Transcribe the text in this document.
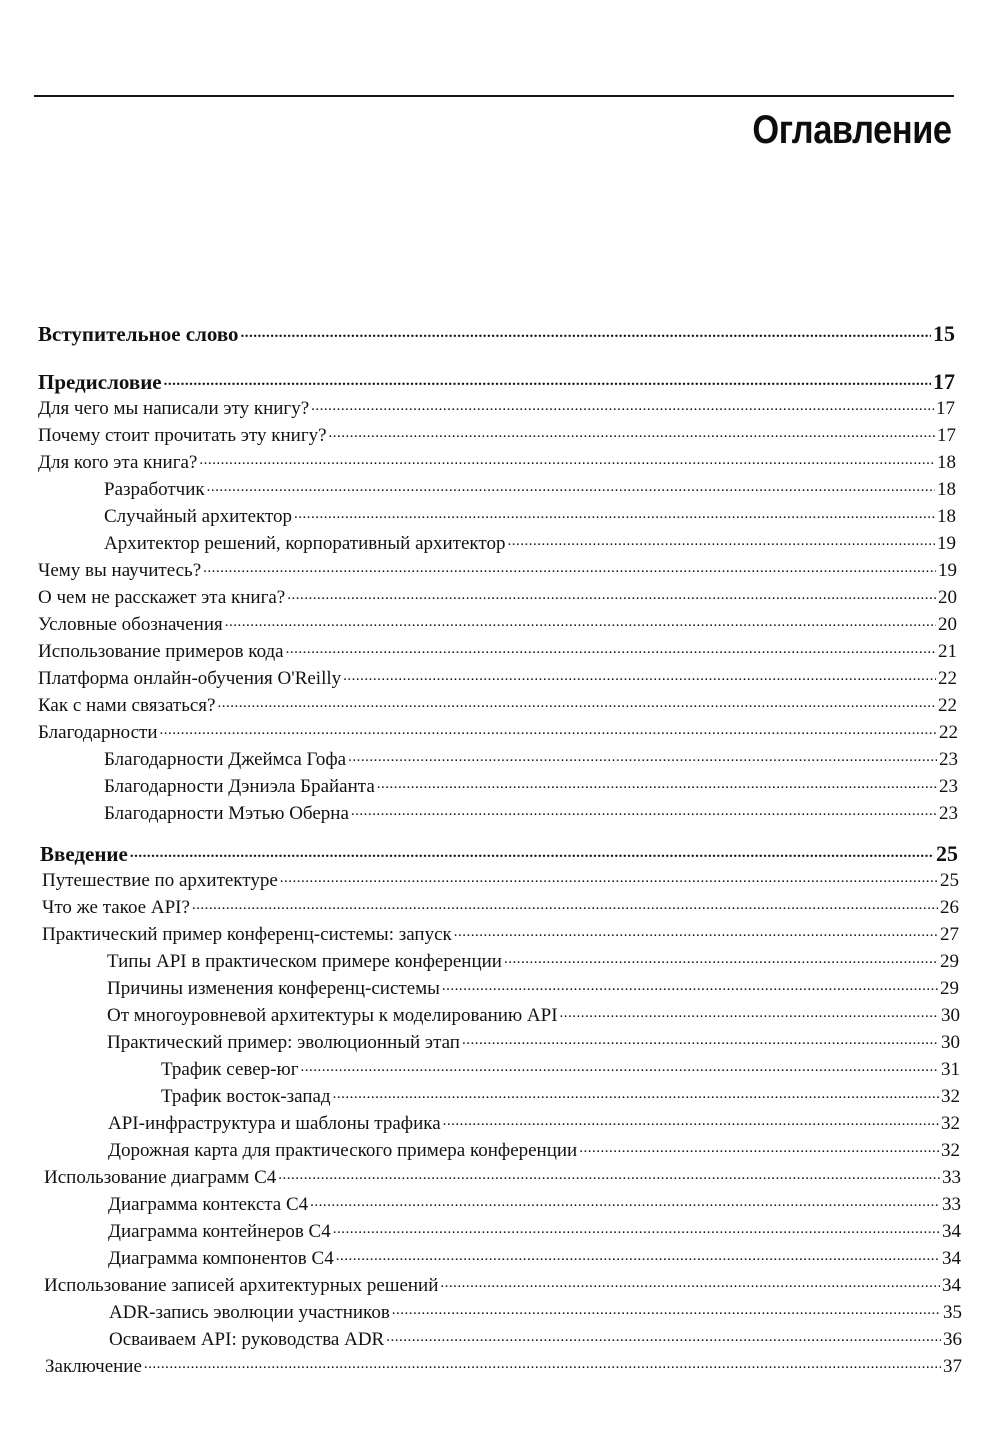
Оглавление
Вступительное слово .....	15
Предисловие .....	17
Для чего мы написали эту книгу? .....	17
Почему стоит прочитать эту книгу? .....	17
Для кого эта книга? .....	18
Разработчик .....	18
Случайный архитектор .....	18
Архитектор решений, корпоративный архитектор .....	19
Чему вы научитесь? .....	19
О чем не расскажет эта книга? .....	20
Условные обозначения .....	20
Использование примеров кода .....	21
Платформа онлайн-обучения O'Reilly .....	22
Как с нами связаться? .....	22
Благодарности .....	22
Благодарности Джеймса Гофа .....	23
Благодарности Дэниэла Брайанта .....	23
Благодарности Мэтью Оберна .....	23
Введение .....	25
Путешествие по архитектуре .....	25
Что же такое API? .....	26
Практический пример конференц-системы: запуск .....	27
Типы API в практическом примере конференции .....	29
Причины изменения конференц-системы .....	29
От многоуровневой архитектуры к моделированию API .....	30
Практический пример: эволюционный этап .....	30
Трафик север-юг .....	31
Трафик восток-запад .....	32
API-инфраструктура и шаблоны трафика .....	32
Дорожная карта для практического примера конференции .....	32
Использование диаграмм С4 .....	33
Диаграмма контекста С4 .....	33
Диаграмма контейнеров С4 .....	34
Диаграмма компонентов С4 .....	34
Использование записей архитектурных решений .....	34
ADR-запись эволюции участников .....	35
Осваиваем API: руководства ADR .....	36
Заключение .....	37
